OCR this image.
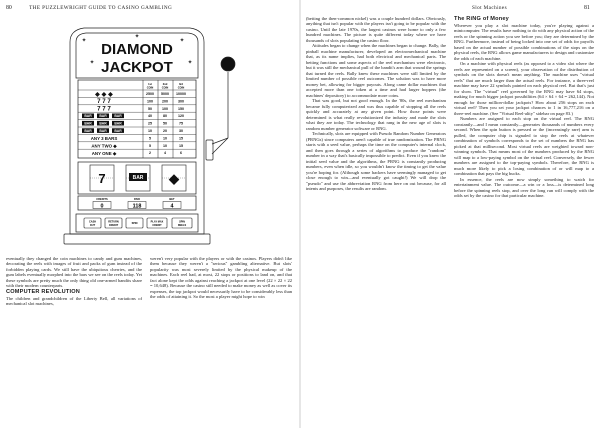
80	THE PUZZLEWRIGHT GUIDE TO CASINO GAMBLING
✦
✦
✦
✦
✦
DIAMOND
JACKPOT
1st
COIN
2nd
COIN
3rd
COIN
◆ ◆ ◆	2500 5000 10000
7 7 7	100	200	300
7 7 7	50	100	150
BAR BAR BAR	40	80	120
BAR BAR BAR	25	50	75
BAR BAR BAR	10	20	30
ANY 3 BARS	5	10	15
ANY TWO ◆	5	10	15
ANY ONE ◆	2	4	6
7	BAR ◆
CREDITS
0
PAID
118
BET
4
CASH
OUT
RETURN
CREDIT
SPIN	PLAY MAX
CREDIT
SPIN
REELS

eventually they changed the coin machines to candy and gum machines, decorating the reels with images of fruit and packs of gum instead of the forbidden playing cards. We still have the ubiquitous cherries, and the gum labels eventually morphed into the bars we see on the reels today. Yet these symbols are pretty much the only thing old one-armed bandits share with their modern counterparts.

COMPUTER REVOLUTION

The children and grandchildren of the Liberty Bell, all variations of mechanical slot machines,

weren't very popular with the players or with the casinos. Players didn't like them because they weren't a "serious" gambling alternative. But slots' popularity was most severely limited by the physical makeup of the machines. Each reel had, at most, 22 stops or positions to land on, and that fact alone kept the odds against reaching a jackpot at one level (22 × 22 × 22 = 10,648). Because the casino still needed to make money as well as cover its expenses, the top jackpot would necessarily have to be considerably less than the odds of attaining it. So the most a player might hope to win

Slot Machines	81

(betting the then-common nickel) was a couple hundred dollars. Obviously, anything that isn't popular with the players isn't going to be popular with the casino. Until the late 1970s, the largest casinos were home to only a few hundred machines. The picture is quite different today where we have thousands of slots populating the casino floor.

Attitudes began to change when the machines began to change. Bally, the pinball machine manufacturer, developed an electromechanical machine that, as its name implies, had both electrical and mechanical parts. The betting functions and some aspects of the reel mechanism were electronic, but it was still the mechanical pull of the bandit's arm that wound the springs that turned the reels. Bally knew these machines were still limited by the limited number of possible reel outcomes. The solution was to have more money bet, allowing for bigger payouts. Along came dollar machines that accepted more than one token at a time and had larger hoppers (the machines' depository) to accommodate more coins.

That was good, but not good enough. In the '80s, the reel mechanism became fully computerized and was thus capable of stopping all the reels quickly and accurately at any given point. How those points were determined is what really revolutionized the industry and made the slots what they are today. The technology that rang in the new age of slots is random number generator software or RNG.

Technically, slots are equipped with Pseudo Random Number Generators (PRNGs) since computers aren't capable of true randomization. The PRNG starts with a seed value, perhaps the time on the computer's internal clock, and then goes through a series of algorithms to produce the "random" number in a way that's basically impossible to predict. Even if you knew the initial seed value and the algorithms, the PRNG is constantly producing numbers, even when idle, so you wouldn't know the timing to get the value you're hoping for. (Although some hackers have seemingly managed to get close enough to win—and eventually got caught!) We will drop the "pseudo" and use the abbreviation RNG from here on out because, for all intents and purposes, the results are random.

The RiNG of Money

Wherever you play a slot machine today, you're playing against a minicomputer. The results have nothing to do with any physical action of the reels or the spinning action you see before you; they are determined by the RNG. Furthermore, instead of being locked into one set of odds for payoffs based on the actual number of possible combinations of the stops on the physical reels, the RNG allows game manufacturers to design and customize the odds of each machine.

On a machine with physical reels (as opposed to a video slot where the reels are represented on a screen), your observation of the distribution of symbols on the slots doesn't mean anything. The machine uses "virtual reels" that are much larger than the actual reels. For instance, a three-reel machine may have 22 symbols painted on each physical reel. But that's just for show. The "virtual" reel governed by the RNG may have 64 stops, making for much bigger jackpot possibilities (64 × 64 × 64 = 262,144). Not enough for those million-dollar jackpots? How about 256 stops on each virtual reel? Then you set your jackpot chances to 1 in 16,777,216 on a three-reel machine. (See "Virtual Reel-ality" sidebar on page 83.)

Numbers are assigned to each stop on the virtual reel. The RNG constantly—and I mean constantly—generates thousands of numbers every second. When the spin button is pressed or the (increasingly rare) arm is pulled, the computer chip is signaled to stop the reels at whatever combination of symbols corresponds to the set of numbers the RNG has picked at that millisecond. Most virtual reels are weighted toward non-winning symbols. That means most of the numbers produced by the RNG will map to a low-paying symbol on the virtual reel. Conversely, the fewer numbers are assigned to the top-paying symbols. Therefore, the RNG is much more likely to pick a losing combination of or will map to a combination that pays the big bucks.

In essence, the reels are now simply something to watch for entertainment value. The outcome—a win or a loss—is determined long before the spinning reels stop, and over the long run will comply with the odds set by the casino for that particular machine.
